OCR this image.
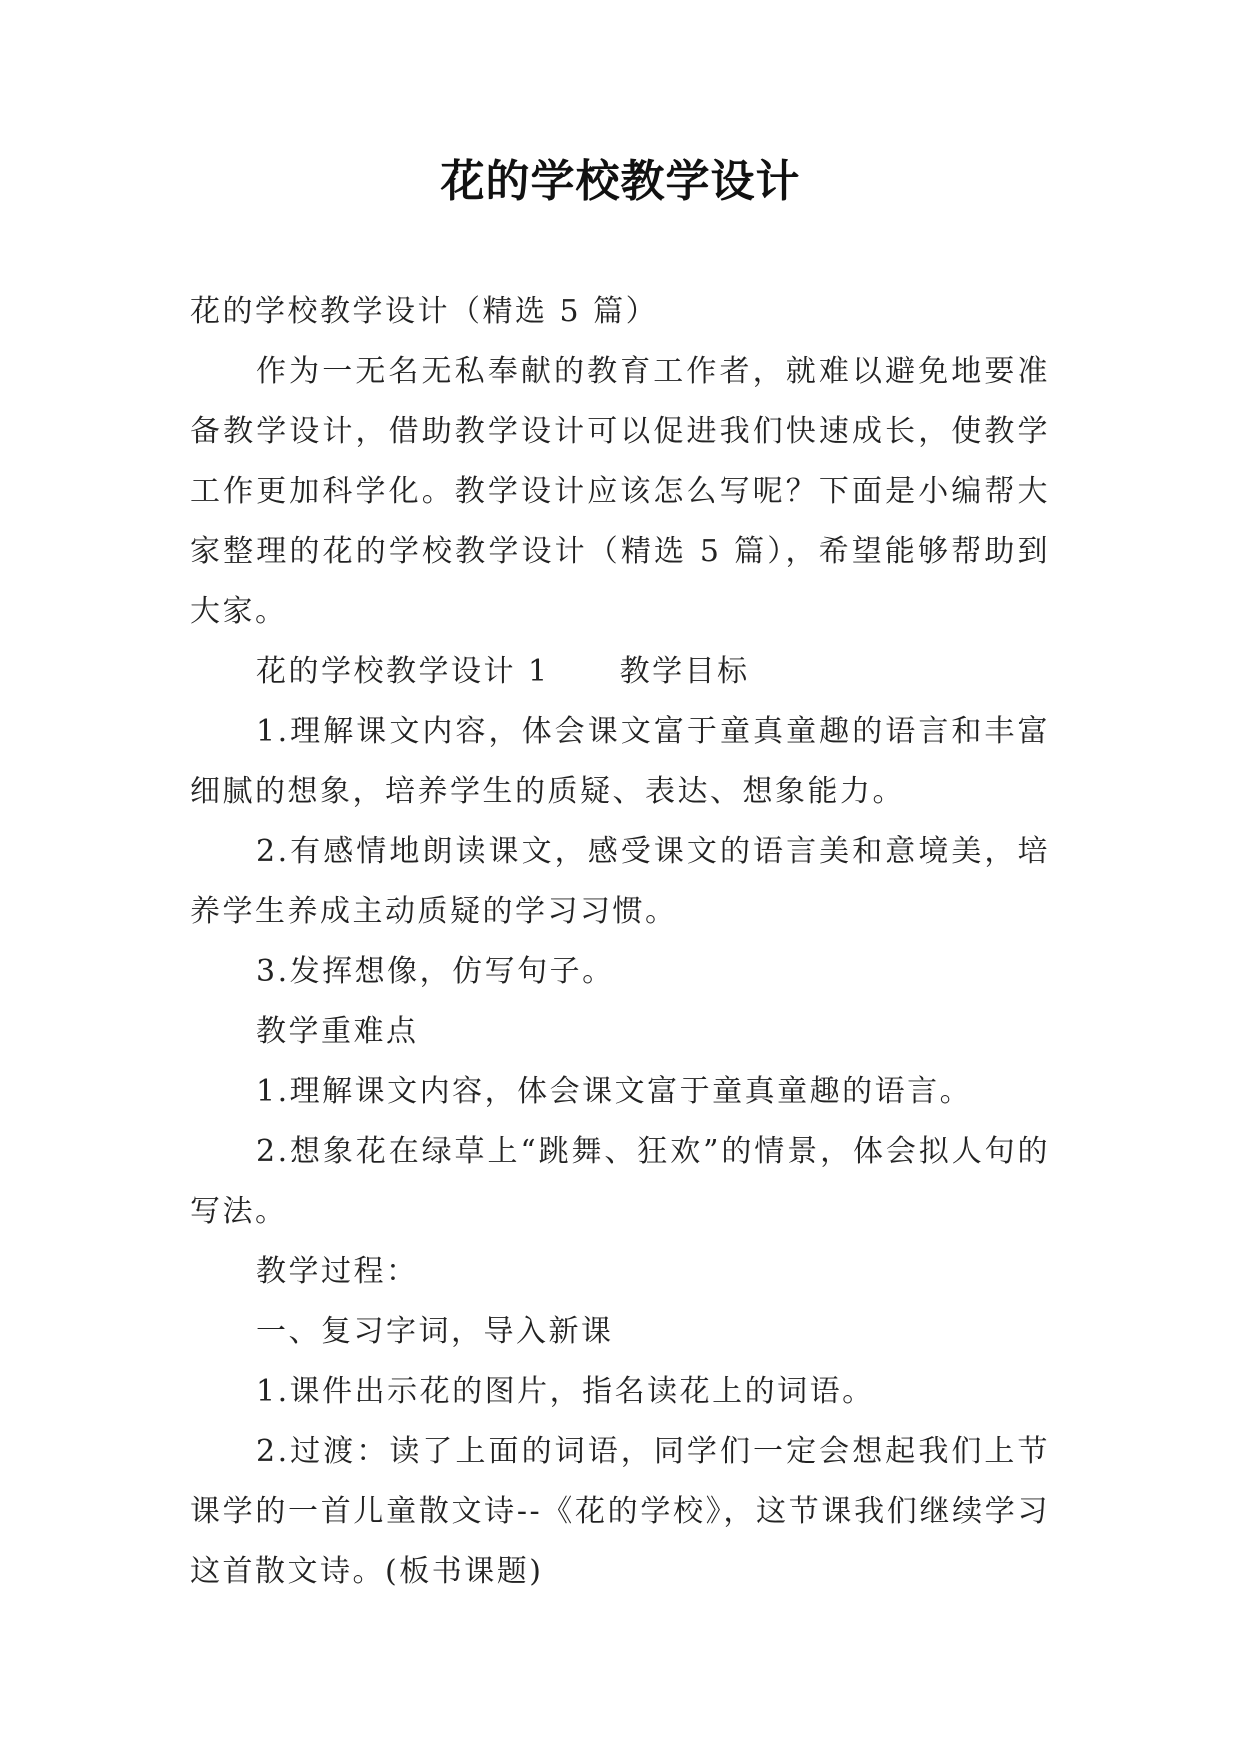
花的学校教学设计

花的学校教学设计（精选 5 篇）

作为一无名无私奉献的教育工作者，就难以避免地要准备教学设计，借助教学设计可以促进我们快速成长，使教学工作更加科学化。教学设计应该怎么写呢？下面是小编帮大家整理的花的学校教学设计（精选 5 篇），希望能够帮助到大家。

花的学校教学设计 1 教学目标

1.理解课文内容，体会课文富于童真童趣的语言和丰富细腻的想象，培养学生的质疑、表达、想象能力。

2.有感情地朗读课文，感受课文的语言美和意境美，培养学生养成主动质疑的学习习惯。

3.发挥想像，仿写句子。

教学重难点

1.理解课文内容，体会课文富于童真童趣的语言。

2.想象花在绿草上“跳舞、狂欢”的情景，体会拟人句的写法。

教学过程：

一、复习字词，导入新课

1.课件出示花的图片，指名读花上的词语。

2.过渡：读了上面的词语，同学们一定会想起我们上节课学的一首儿童散文诗--《花的学校》，这节课我们继续学习这首散文诗。(板书课题)
